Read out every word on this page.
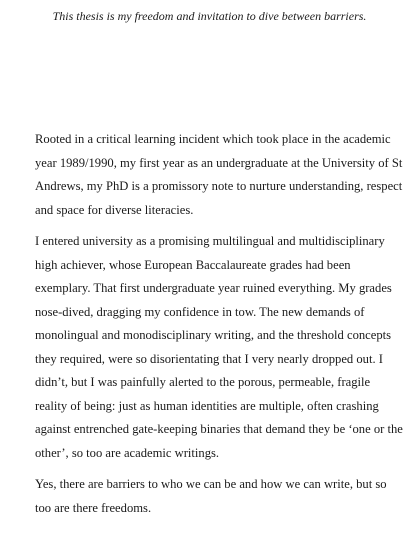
This thesis is my freedom and invitation to dive between barriers.

Rooted in a critical learning incident which took place in the academic year 1989/1990, my first year as an undergraduate at the University of St Andrews, my PhD is a promissory note to nurture understanding, respect and space for diverse literacies.

I entered university as a promising multilingual and multidisciplinary high achiever, whose European Baccalaureate grades had been exemplary. That first undergraduate year ruined everything. My grades nose-dived, dragging my confidence in tow. The new demands of monolingual and monodisciplinary writing, and the threshold concepts they required, were so disorientating that I very nearly dropped out. I didn’t, but I was painfully alerted to the porous, permeable, fragile reality of being: just as human identities are multiple, often crashing against entrenched gate-keeping binaries that demand they be ‘one or the other’, so too are academic writings.

Yes, there are barriers to who we can be and how we can write, but so too are there freedoms.
